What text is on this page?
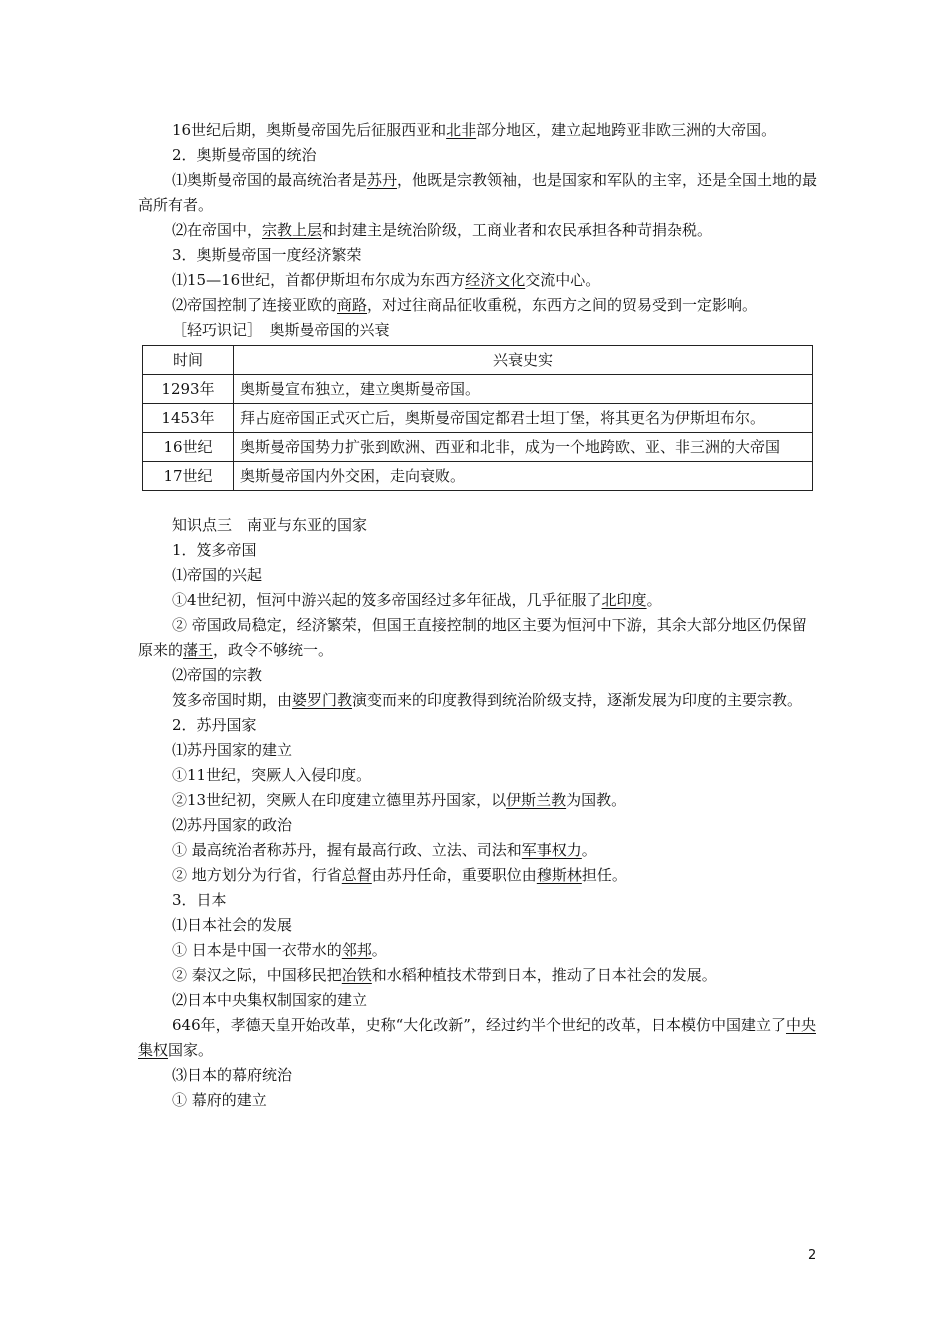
16世纪后期，奥斯曼帝国先后征服西亚和北非部分地区，建立起地跨亚非欧三洲的大帝国。

2．奥斯曼帝国的统治

⑴奥斯曼帝国的最高统治者是苏丹，他既是宗教领袖，也是国家和军队的主宰，还是全国土地的最高所有者。

⑵在帝国中，宗教上层和封建主是统治阶级，工商业者和农民承担各种苛捐杂税。

3．奥斯曼帝国一度经济繁荣

⑴15—16世纪，首都伊斯坦布尔成为东西方经济文化交流中心。

⑵帝国控制了连接亚欧的商路，对过往商品征收重税，东西方之间的贸易受到一定影响。

［轻巧识记］　奥斯曼帝国的兴衰

时间	兴衰史实
1293年	奥斯曼宣布独立，建立奥斯曼帝国。
1453年	拜占庭帝国正式灭亡后，奥斯曼帝国定都君士坦丁堡，将其更名为伊斯坦布尔。
16世纪	奥斯曼帝国势力扩张到欧洲、西亚和北非，成为一个地跨欧、亚、非三洲的大帝国
17世纪	奥斯曼帝国内外交困，走向衰败。

知识点三　南亚与东亚的国家

1．笈多帝国

⑴帝国的兴起

①4世纪初，恒河中游兴起的笈多帝国经过多年征战，几乎征服了北印度。

② 帝国政局稳定，经济繁荣，但国王直接控制的地区主要为恒河中下游，其余大部分地区仍保留原来的藩王，政令不够统一。

⑵帝国的宗教

笈多帝国时期，由婆罗门教演变而来的印度教得到统治阶级支持，逐渐发展为印度的主要宗教。

2．苏丹国家

⑴苏丹国家的建立

①11世纪，突厥人入侵印度。

②13世纪初，突厥人在印度建立德里苏丹国家，以伊斯兰教为国教。

⑵苏丹国家的政治

① 最高统治者称苏丹，握有最高行政、立法、司法和军事权力。

② 地方划分为行省，行省总督由苏丹任命，重要职位由穆斯林担任。

3．日本

⑴日本社会的发展

① 日本是中国一衣带水的邻邦。

② 秦汉之际，中国移民把冶铁和水稻种植技术带到日本，推动了日本社会的发展。

⑵日本中央集权制国家的建立

646年，孝德天皇开始改革，史称“大化改新”，经过约半个世纪的改革，日本模仿中国建立了中央集权国家。

⑶日本的幕府统治

① 幕府的建立

2
